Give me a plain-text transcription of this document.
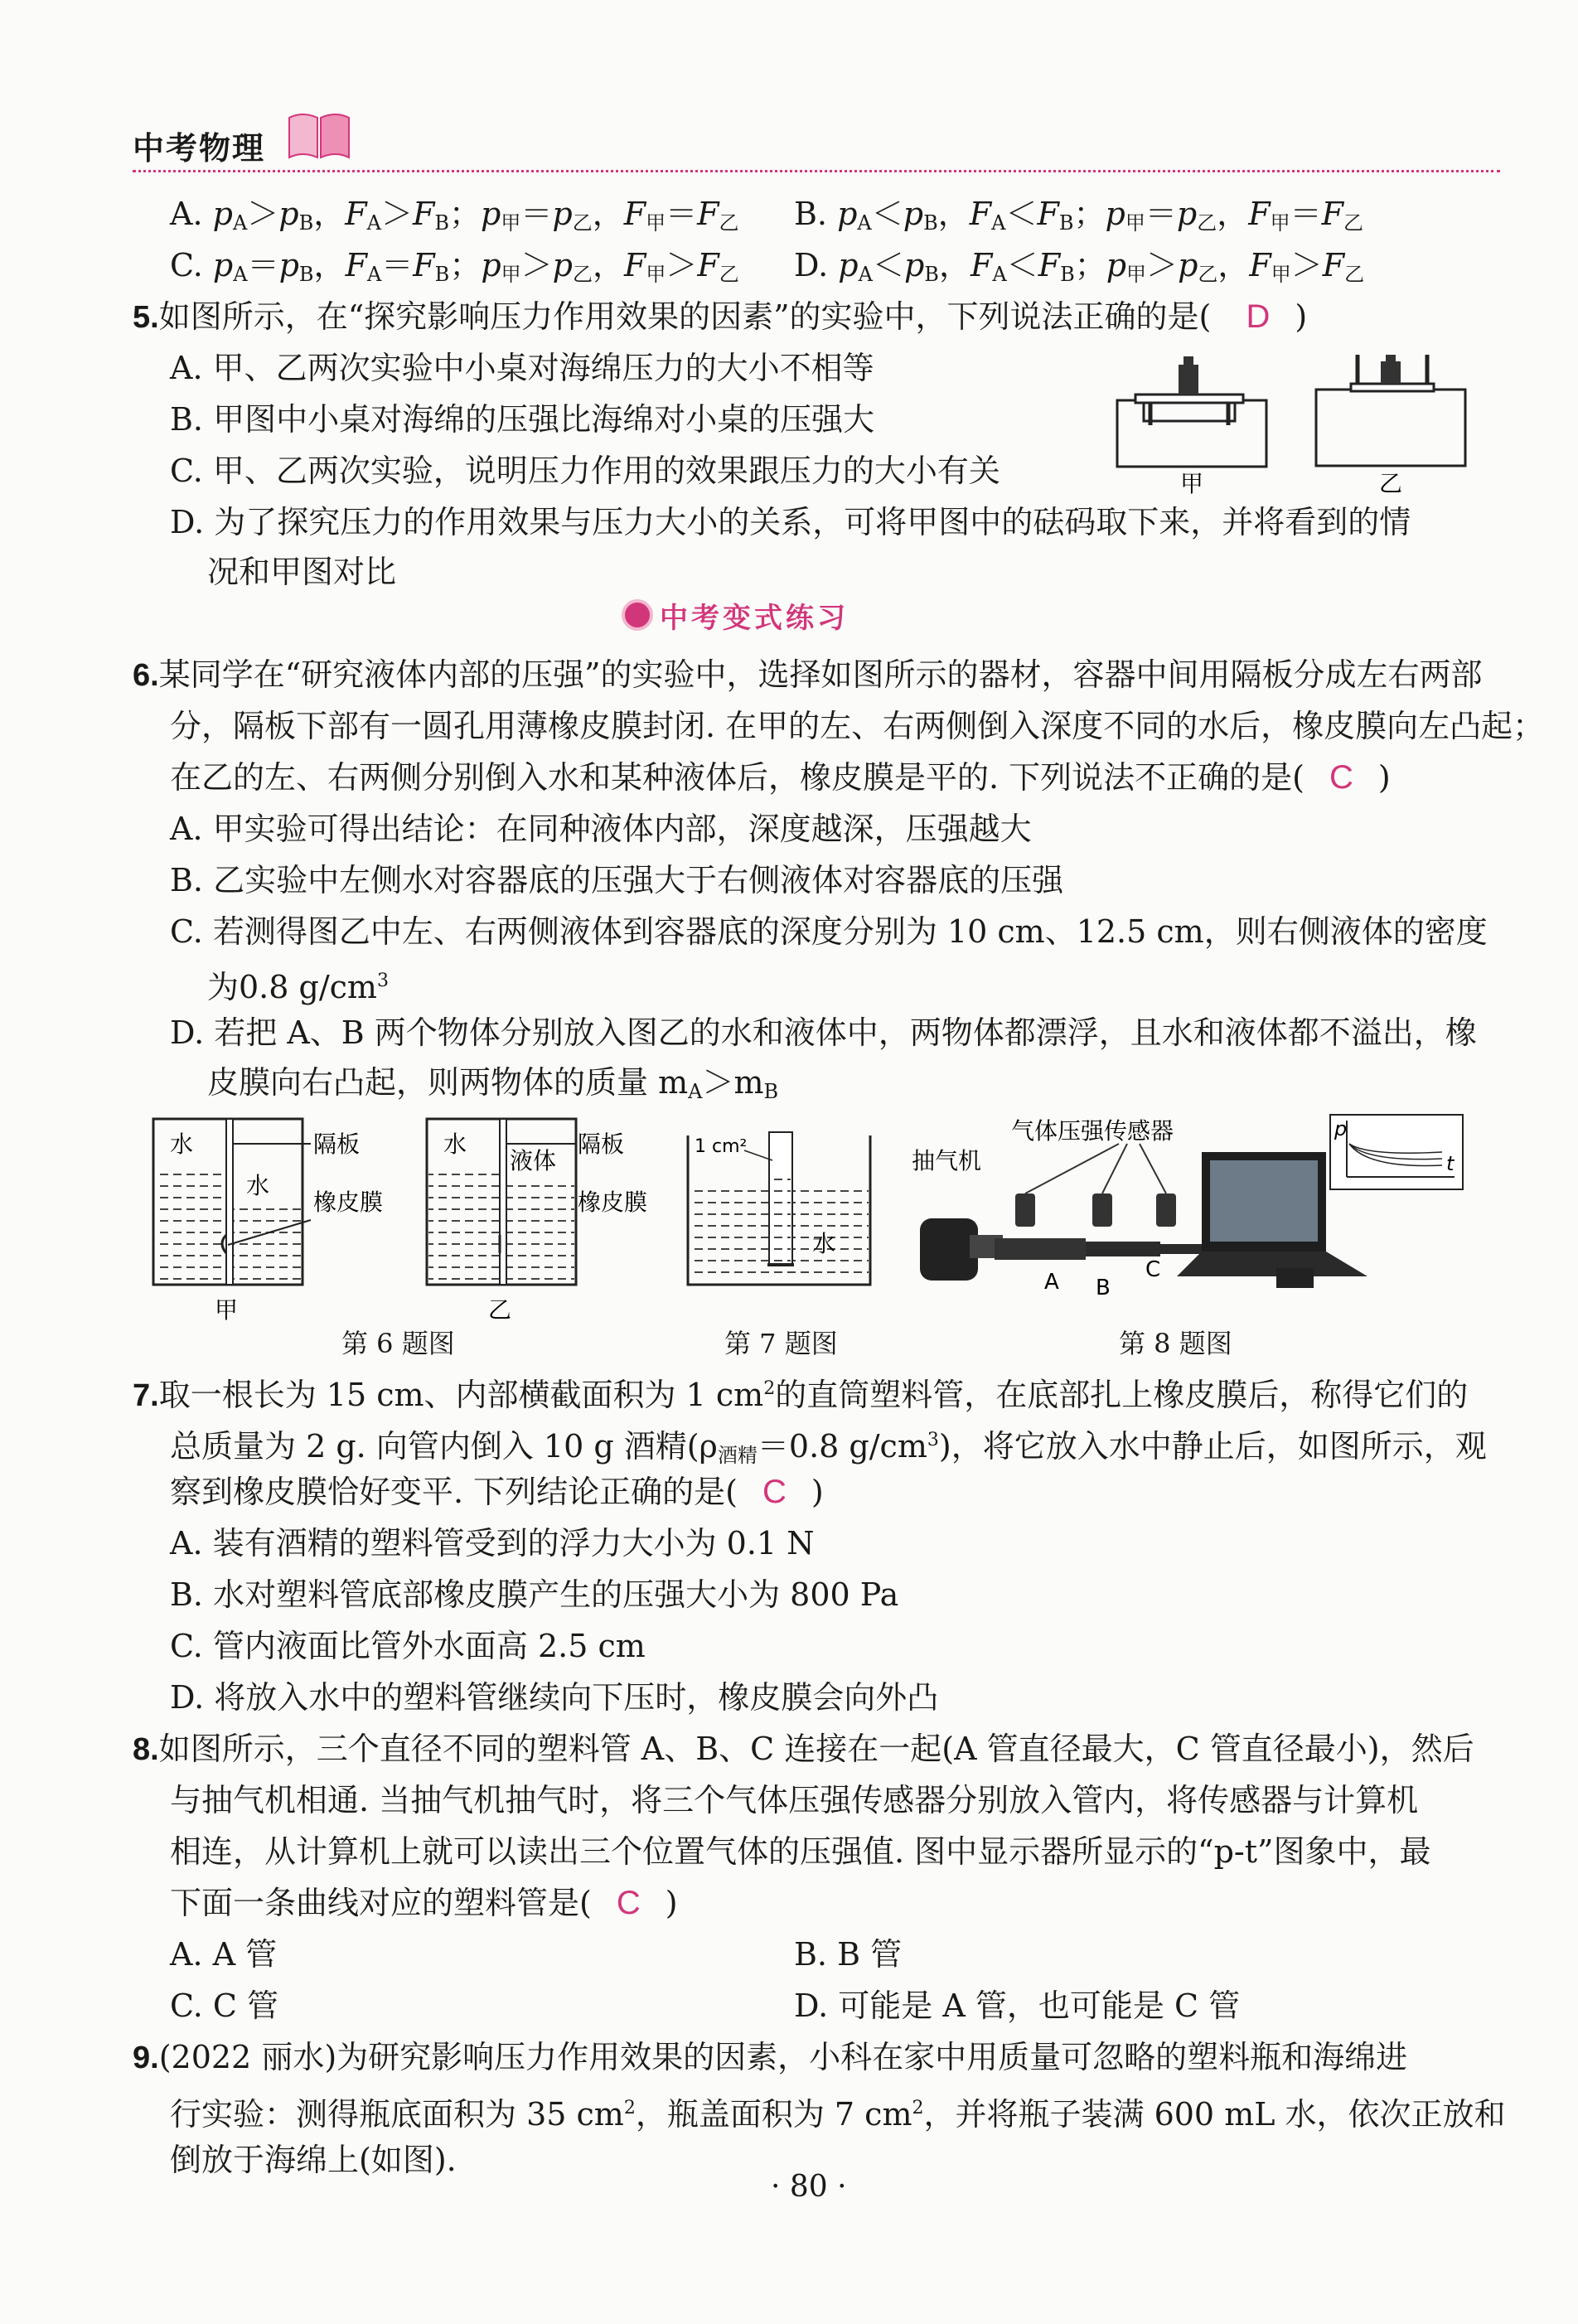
中考物理
A. $p_A>p_B$，$F_A>F_B$；$p_甲=p_乙$，$F_甲=F_乙$ B. $p_A<p_B$，$F_A<F_B$；$p_甲=p_乙$，$F_甲=F_乙$
C. $p_A=p_B$，$F_A=F_B$；$p_甲>p_乙$，$F_甲>F_乙$ D. $p_A<p_B$，$F_A<F_B$；$p_甲>p_乙$，$F_甲>F_乙$
5.如图所示，在“探究影响压力作用效果的因素”的实验中，下列说法正确的是( D )
A. 甲、乙两次实验中小桌对海绵压力的大小不相等
B. 甲图中小桌对海绵的压强比海绵对小桌的压强大
C. 甲、乙两次实验，说明压力作用的效果跟压力的大小有关
D. 为了探究压力的作用效果与压力大小的关系，可将甲图中的砝码取下来，并将看到的情
况和甲图对比
甲	乙
中考变式练习
6.某同学在“研究液体内部的压强”的实验中，选择如图所示的器材，容器中间用隔板分成左右两部
分，隔板下部有一圆孔用薄橡皮膜封闭. 在甲的左、右两侧倒入深度不同的水后，橡皮膜向左凸起；
在乙的左、右两侧分别倒入水和某种液体后，橡皮膜是平的. 下列说法不正确的是( C )
A. 甲实验可得出结论：在同种液体内部，深度越深，压强越大
B. 乙实验中左侧水对容器底的压强大于右侧液体对容器底的压强
C. 若测得图乙中左、右两侧液体到容器底的深度分别为 10 cm、12.5 cm，则右侧液体的密度
为0.8 $g/cm^3$
D. 若把 A、B 两个物体分别放入图乙的水和液体中，两物体都漂浮，且水和液体都不溢出，橡
皮膜向右凸起，则两物体的质量 $m_A>m_B$
水
水
甲
水
液体
乙
隔板
橡皮膜
隔板
橡皮膜
第 6 题图
1 cm²
水
第 7 题图
气体压强传感器
抽气机
A B
C
p
t
第 8 题图
7.取一根长为 15 cm、内部横截面积为 1 $cm^2$的直筒塑料管，在底部扎上橡皮膜后，称得它们的
总质量为 2 g. 向管内倒入 10 g 酒精($\rho_{酒精}=0.8$ $g/cm^3$)，将它放入水中静止后，如图所示，观
察到橡皮膜恰好变平. 下列结论正确的是( C )
A. 装有酒精的塑料管受到的浮力大小为 0.1 N
B. 水对塑料管底部橡皮膜产生的压强大小为 800 Pa
C. 管内液面比管外水面高 2.5 cm
D. 将放入水中的塑料管继续向下压时，橡皮膜会向外凸
8.如图所示，三个直径不同的塑料管 A、B、C 连接在一起(A 管直径最大，C 管直径最小)，然后
与抽气机相通. 当抽气机抽气时，将三个气体压强传感器分别放入管内，将传感器与计算机
相连，从计算机上就可以读出三个位置气体的压强值. 图中显示器所显示的“p-t”图象中，最
下面一条曲线对应的塑料管是( C )
A. A 管	B. B 管
C. C 管	D. 可能是 A 管，也可能是 C 管
9.(2022 丽水)为研究影响压力作用效果的因素，小科在家中用质量可忽略的塑料瓶和海绵进
行实验：测得瓶底面积为 35 $cm^2$，瓶盖面积为 7 $cm^2$，并将瓶子装满 600 mL 水，依次正放和
倒放于海绵上(如图).
· 80 ·
